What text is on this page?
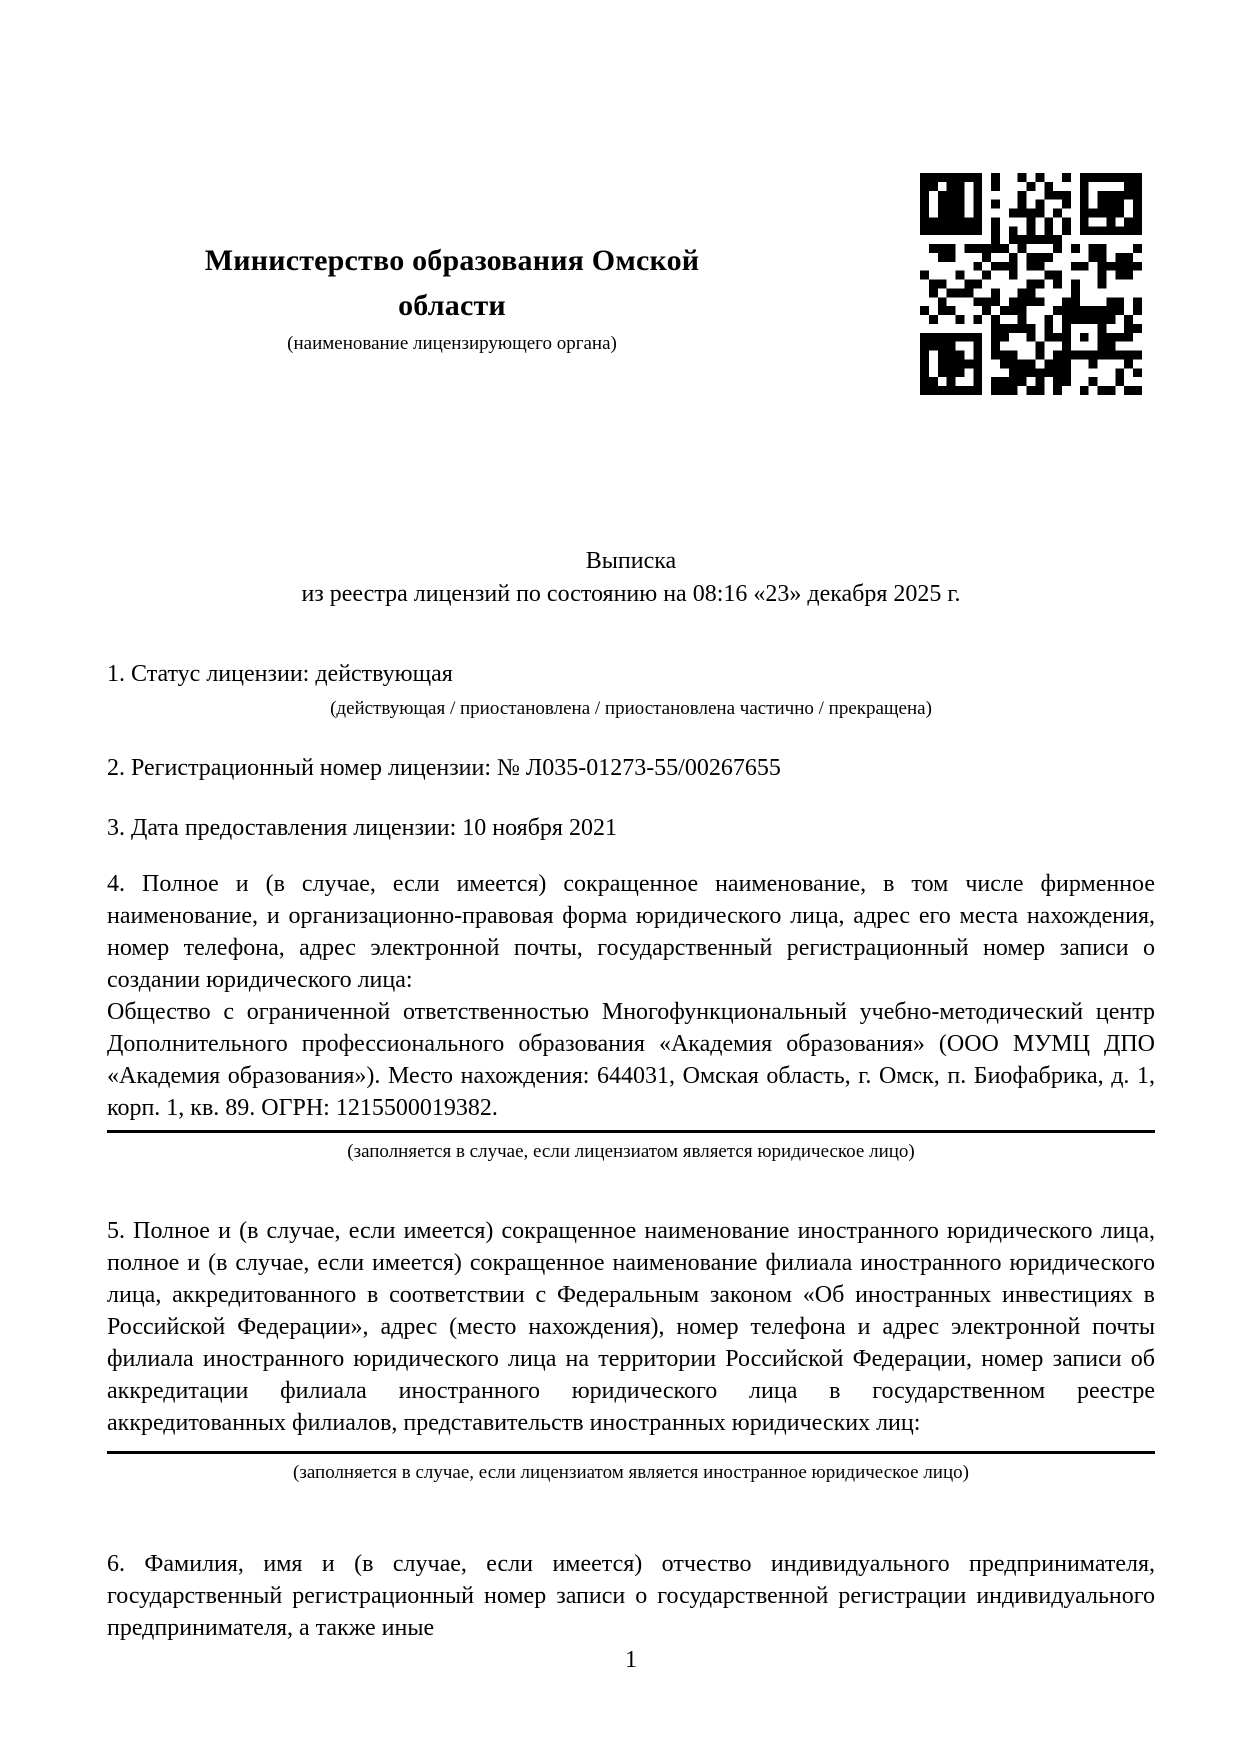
Министерство образования Омской
области
(наименование лицензирующего органа)
Выписка
из реестра лицензий по состоянию на 08:16 «23» декабря 2025 г.
1. Статус лицензии: действующая
(действующая / приостановлена / приостановлена частично / прекращена)
2. Регистрационный номер лицензии: № Л035-01273-55/00267655
3. Дата предоставления лицензии: 10 ноября 2021

4. Полное и (в случае, если имеется) сокращенное наименование, в том числе фирменное наименование, и организационно-правовая форма юридического лица, адрес его места нахождения, номер телефона, адрес электронной почты, государственный регистрационный номер записи о создании юридического лица:

Общество с ограниченной ответственностью Многофункциональный учебно-методический центр Дополнительного профессионального образования «Академия образования» (ООО МУМЦ ДПО «Академия образования»). Место нахождения: 644031, Омская область, г. Омск, п. Биофабрика, д. 1, корп. 1, кв. 89. ОГРН: 1215500019382.

(заполняется в случае, если лицензиатом является юридическое лицо)

5. Полное и (в случае, если имеется) сокращенное наименование иностранного юридического лица, полное и (в случае, если имеется) сокращенное наименование филиала иностранного юридического лица, аккредитованного в соответствии с Федеральным законом «Об иностранных инвестициях в Российской Федерации», адрес (место нахождения), номер телефона и адрес электронной почты филиала иностранного юридического лица на территории Российской Федерации, номер записи об аккредитации филиала иностранного юридического лица в государственном реестре аккредитованных филиалов, представительств иностранных юридических лиц:

(заполняется в случае, если лицензиатом является иностранное юридическое лицо)

6. Фамилия, имя и (в случае, если имеется) отчество индивидуального предпринимателя, государственный регистрационный номер записи о государственной регистрации индивидуального предпринимателя, а также иные

1
